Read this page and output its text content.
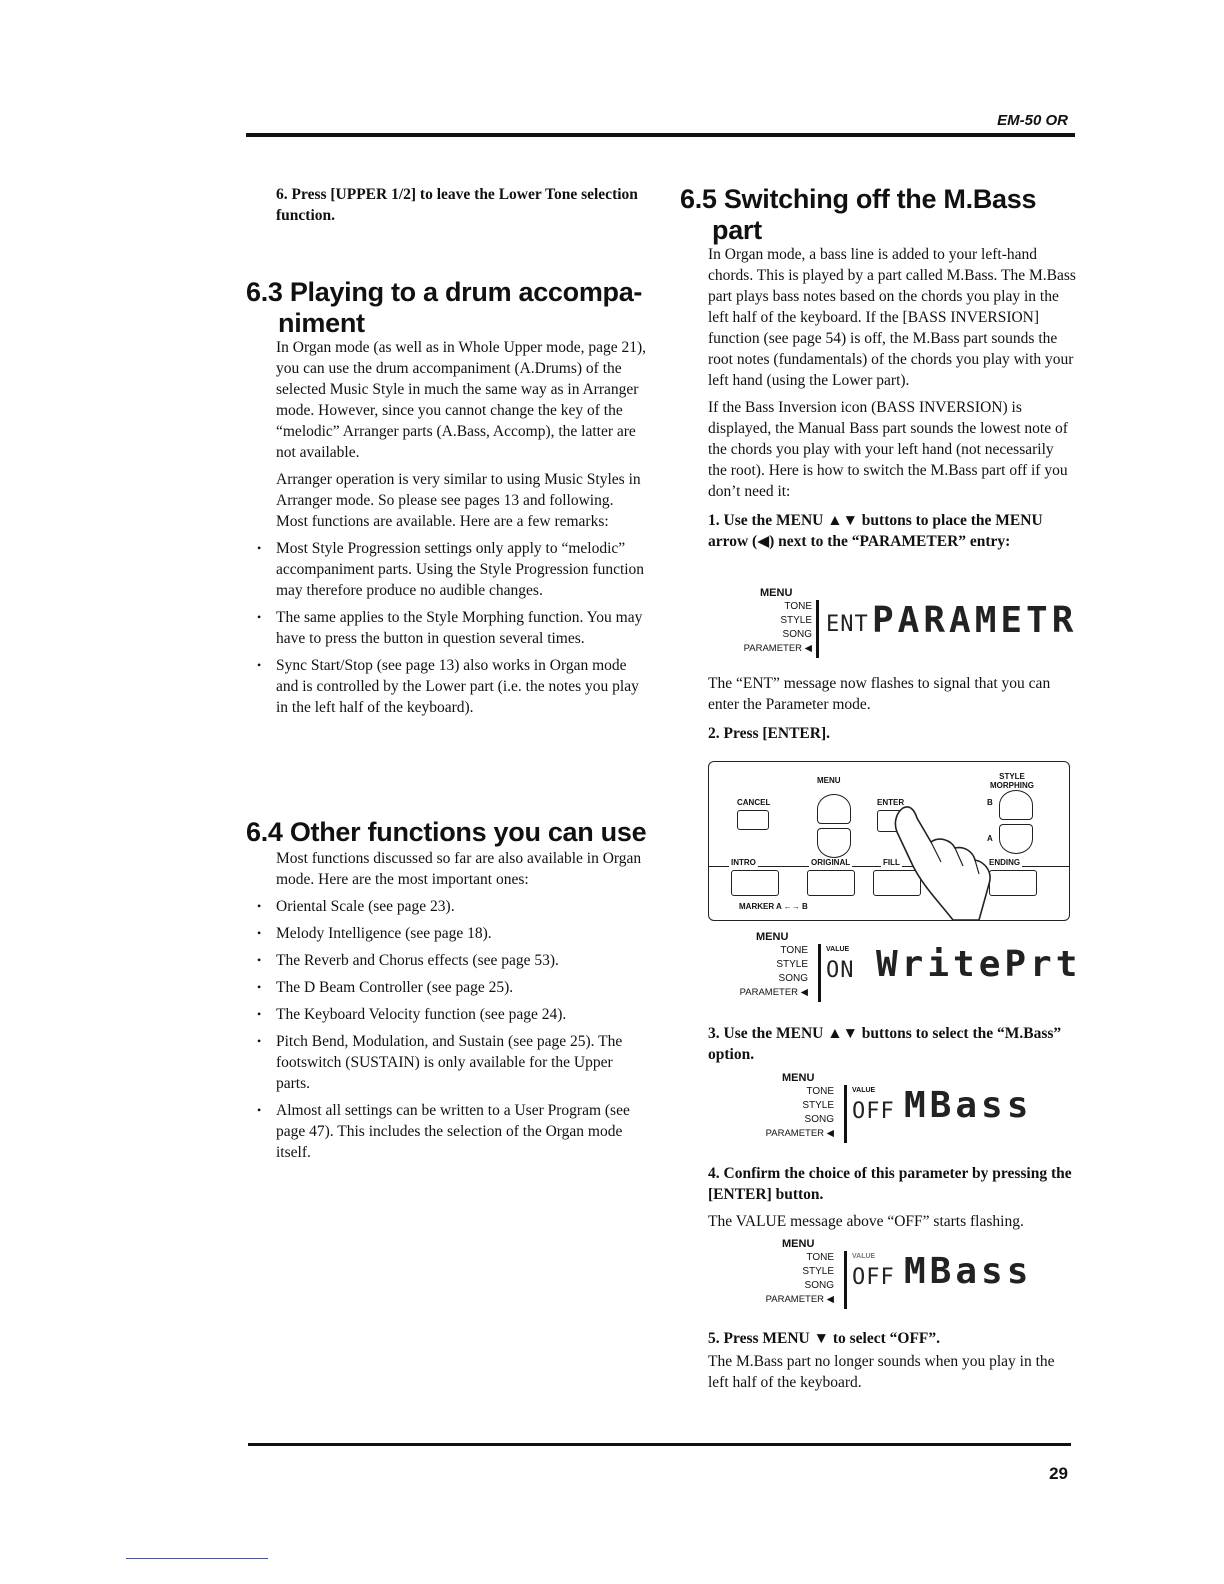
EM-50 OR

6. Press [UPPER 1/2] to leave the Lower Tone selection function.

6.3 Playing to a drum accompa-
niment

In Organ mode (as well as in Whole Upper mode, page 21), you can use the drum accompaniment (A.Drums) of the selected Music Style in much the same way as in Arranger mode. However, since you cannot change the key of the “melodic” Arranger parts (A.Bass, Accomp), the latter are not available.

Arranger operation is very similar to using Music Styles in Arranger mode. So please see pages 13 and following. Most functions are available. Here are a few remarks:

• Most Style Progression settings only apply to “melodic” accompaniment parts. Using the Style Progression function may therefore produce no audible changes.
• The same applies to the Style Morphing function. You may have to press the button in question several times.
• Sync Start/Stop (see page 13) also works in Organ mode and is controlled by the Lower part (i.e. the notes you play in the left half of the keyboard).
6.4 Other functions you can use

Most functions discussed so far are also available in Organ mode. Here are the most important ones:

• Oriental Scale (see page 23).
• Melody Intelligence (see page 18).
• The Reverb and Chorus effects (see page 53).
• The D Beam Controller (see page 25).
• The Keyboard Velocity function (see page 24).
• Pitch Bend, Modulation, and Sustain (see page 25). The footswitch (SUSTAIN) is only available for the Upper parts.
• Almost all settings can be written to a User Program (see page 47). This includes the selection of the Organ mode itself.
6.5 Switching off the M.Bass
part

In Organ mode, a bass line is added to your left-hand chords. This is played by a part called M.Bass. The M.Bass part plays bass notes based on the chords you play in the left half of the keyboard. If the [BASS INVERSION] function (see page 54) is off, the M.Bass part sounds the root notes (fundamentals) of the chords you play with your left hand (using the Lower part).

If the Bass Inversion icon (BASS INVERSION) is displayed, the Manual Bass part sounds the lowest note of the chords you play with your left hand (not necessarily the root). Here is how to switch the M.Bass part off if you don’t need it:

1. Use the MENU ▲▼ buttons to place the MENU arrow (◀) next to the “PARAMETER” entry:

MENU
TONE
STYLE
SONG
PARAMETER ◀
ENT PARAMETR

The “ENT” message now flashes to signal that you can enter the Parameter mode.

2. Press [ENTER].

MENU	STYLE MORPHING
CANCEL	ENTER	B
A
INTRO	ORIGINAL	FILL	ENDING
MARKER A ←→ B
MENU
TONE
STYLE
SONG
PARAMETER ◀
VALUE
ON WritePrt

3. Use the MENU ▲▼ buttons to select the “M.Bass” option.

MENU
TONE
STYLE
SONG
PARAMETER ◀
VALUE
OFF MBass

4. Confirm the choice of this parameter by pressing the [ENTER] button.

The VALUE message above “OFF” starts flashing.

MENU
TONE
STYLE
SONG
PARAMETER ◀
VALUE
OFF MBass

5. Press MENU ▼ to select “OFF”.

The M.Bass part no longer sounds when you play in the left half of the keyboard.

29
